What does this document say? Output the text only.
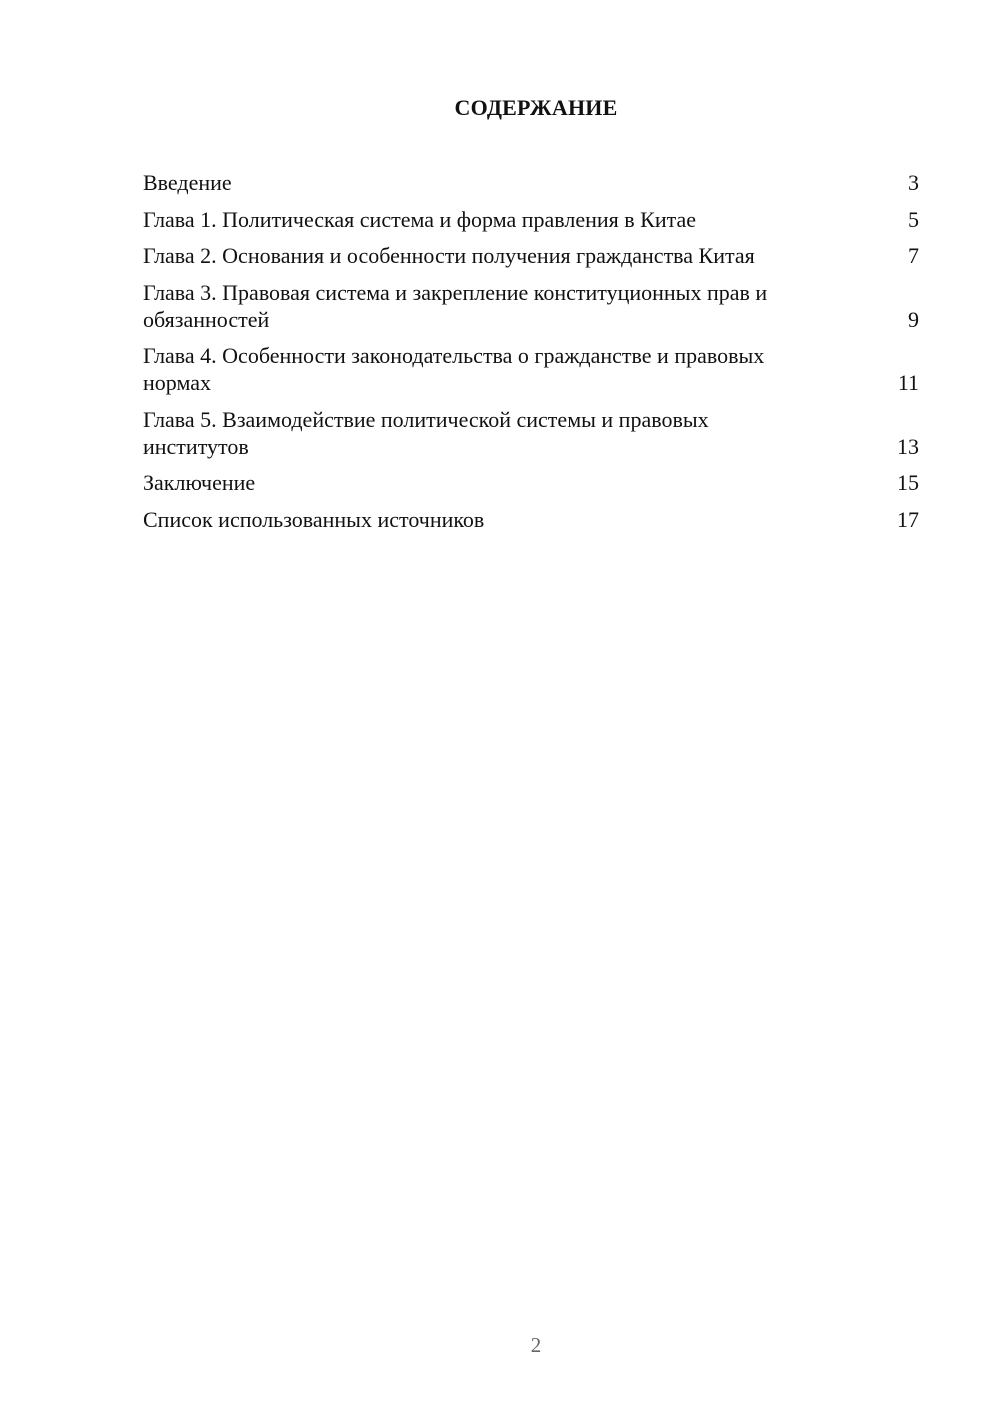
СОДЕРЖАНИЕ
Введение	3
Глава 1. Политическая система и форма правления в Китае	5
Глава 2. Основания и особенности получения гражданства Китая	7
Глава 3. Правовая система и закрепление конституционных прав и обязанностей	9
Глава 4. Особенности законодательства о гражданстве и правовых нормах	11
Глава 5. Взаимодействие политической системы и правовых институтов	13
Заключение	15
Список использованных источников	17
2
